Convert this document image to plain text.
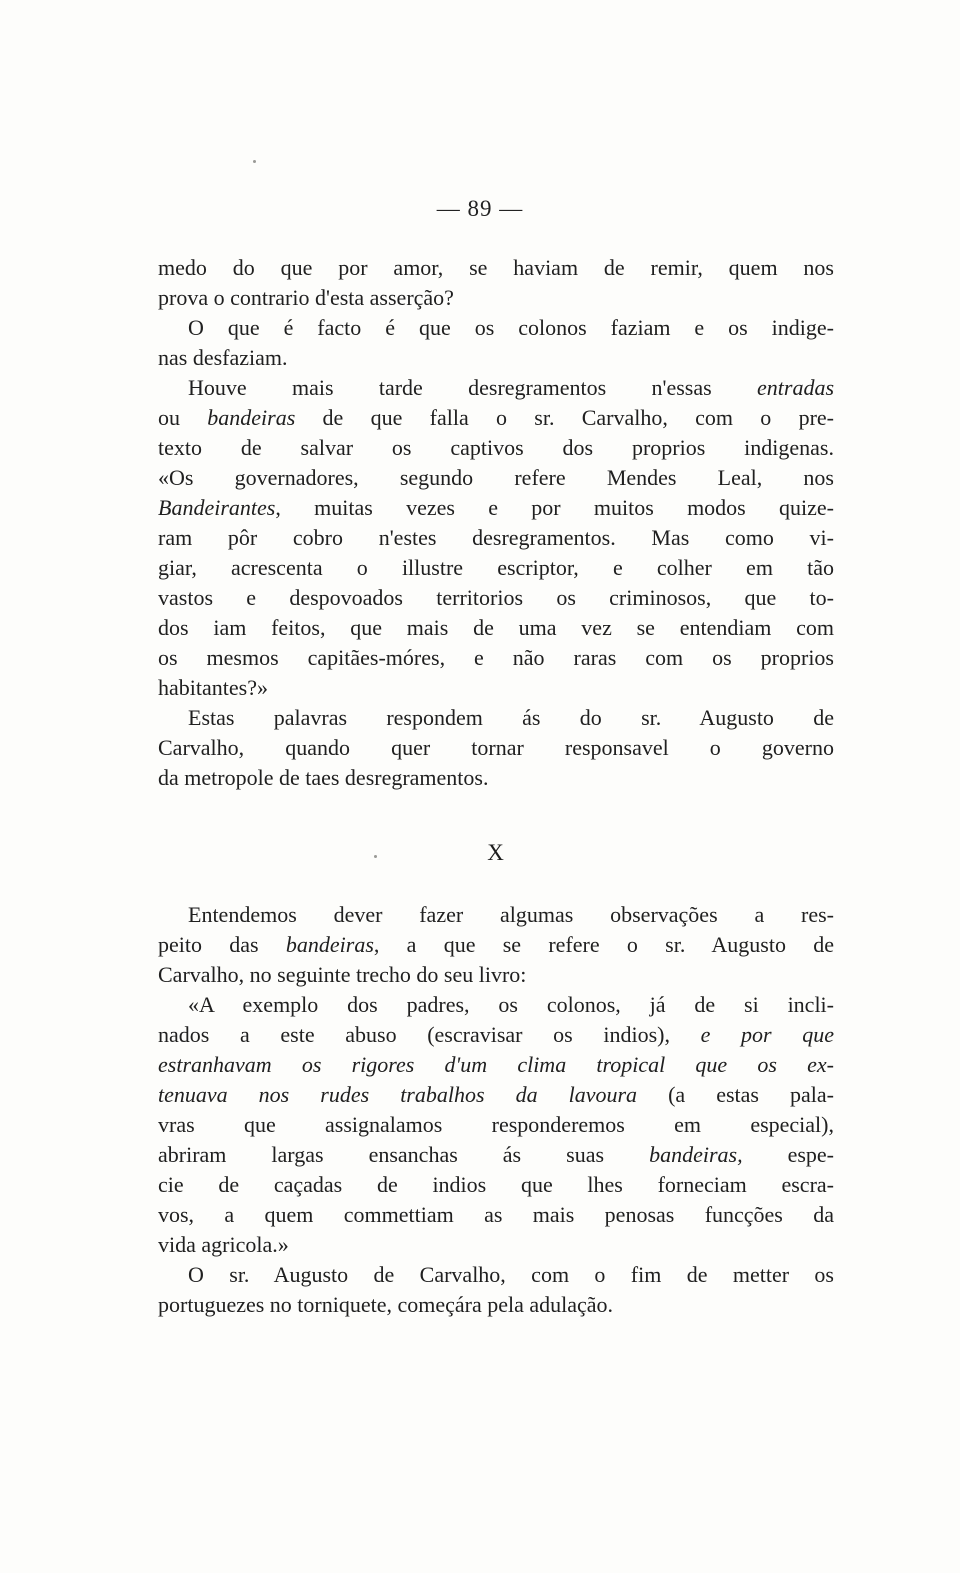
— 89 —
medo do que por amor, se haviam de remir, quem nos
prova o contrario d'esta asserção?
O que é facto é que os colonos faziam e os indige-
nas desfaziam.
Houve mais tarde desregramentos n'essas entradas
ou bandeiras de que falla o sr. Carvalho, com o pre-
texto de salvar os captivos dos proprios indigenas.
«Os governadores, segundo refere Mendes Leal, nos
Bandeirantes, muitas vezes e por muitos modos quize-
ram pôr cobro n'estes desregramentos. Mas como vi-
giar, acrescenta o illustre escriptor, e colher em tão
vastos e despovoados territorios os criminosos, que to-
dos iam feitos, que mais de uma vez se entendiam com
os mesmos capitães-móres, e não raras com os proprios
habitantes?»
Estas palavras respondem ás do sr. Augusto de
Carvalho, quando quer tornar responsavel o governo
da metropole de taes desregramentos.
X
Entendemos dever fazer algumas observações a res-
peito das bandeiras, a que se refere o sr. Augusto de
Carvalho, no seguinte trecho do seu livro:
«A exemplo dos padres, os colonos, já de si incli-
nados a este abuso (escravisar os indios), e por que
estranhavam os rigores d'um clima tropical que os ex-
tenuava nos rudes trabalhos da lavoura (a estas pala-
vras que assignalamos responderemos em especial),
abriram largas ensanchas ás suas bandeiras, espe-
cie de caçadas de indios que lhes forneciam escra-
vos, a quem commettiam as mais penosas funcções da
vida agricola.»
O sr. Augusto de Carvalho, com o fim de metter os
portuguezes no torniquete, começára pela adulação.
